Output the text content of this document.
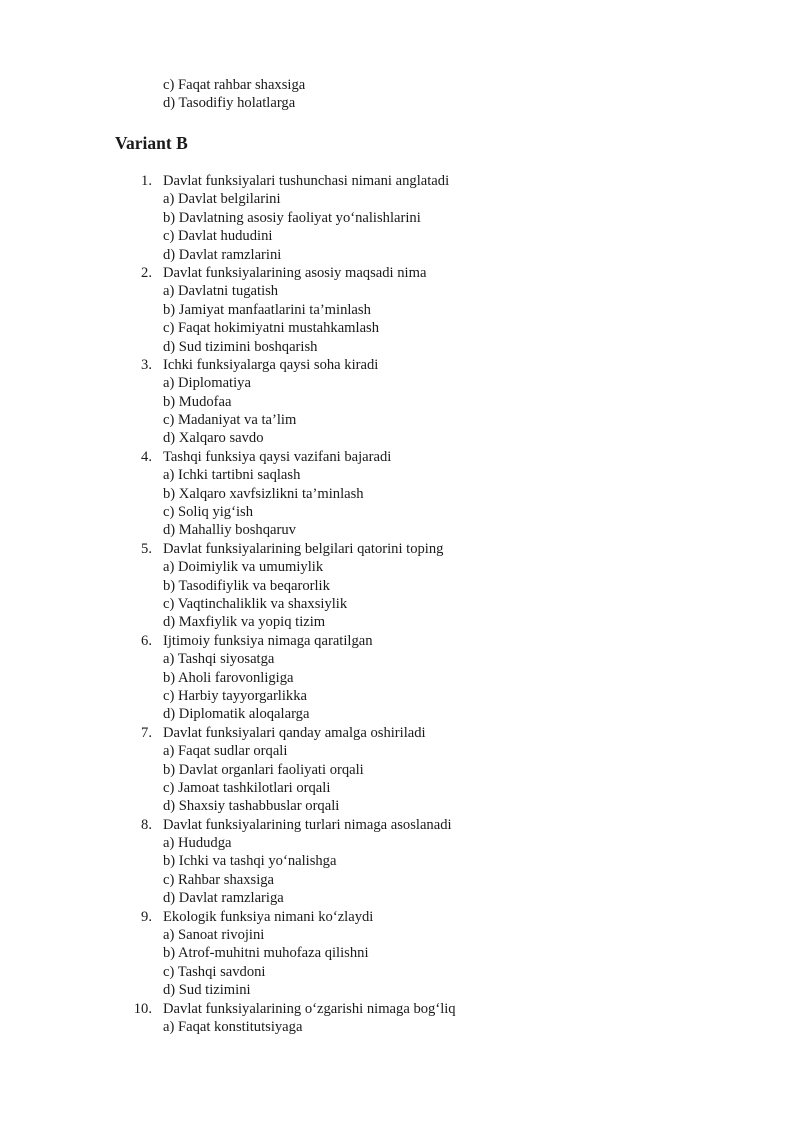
c) Faqat rahbar shaxsiga
d) Tasodifiy holatlarga
Variant B
1. Davlat funksiyalari tushunchasi nimani anglatadi
a) Davlat belgilarini
b) Davlatning asosiy faoliyat yo‘nalishlarini
c) Davlat hududini
d) Davlat ramzlarini
2. Davlat funksiyalarining asosiy maqsadi nima
a) Davlatni tugatish
b) Jamiyat manfaatlarini ta’minlash
c) Faqat hokimiyatni mustahkamlash
d) Sud tizimini boshqarish
3. Ichki funksiyalarga qaysi soha kiradi
a) Diplomatiya
b) Mudofaa
c) Madaniyat va ta’lim
d) Xalqaro savdo
4. Tashqi funksiya qaysi vazifani bajaradi
a) Ichki tartibni saqlash
b) Xalqaro xavfsizlikni ta’minlash
c) Soliq yig‘ish
d) Mahalliy boshqaruv
5. Davlat funksiyalarining belgilari qatorini toping
a) Doimiylik va umumiylik
b) Tasodifiylik va beqarorlik
c) Vaqtinchaliklik va shaxsiylik
d) Maxfiylik va yopiq tizim
6. Ijtimoiy funksiya nimaga qaratilgan
a) Tashqi siyosatga
b) Aholi farovonligiga
c) Harbiy tayyorgarlikka
d) Diplomatik aloqalarga
7. Davlat funksiyalari qanday amalga oshiriladi
a) Faqat sudlar orqali
b) Davlat organlari faoliyati orqali
c) Jamoat tashkilotlari orqali
d) Shaxsiy tashabbuslar orqali
8. Davlat funksiyalarining turlari nimaga asoslanadi
a) Hududga
b) Ichki va tashqi yo‘nalishga
c) Rahbar shaxsiga
d) Davlat ramzlariga
9. Ekologik funksiya nimani ko‘zlaydi
a) Sanoat rivojini
b) Atrof-muhitni muhofaza qilishni
c) Tashqi savdoni
d) Sud tizimini
10. Davlat funksiyalarining o‘zgarishi nimaga bog‘liq
a) Faqat konstitutsiyaga
